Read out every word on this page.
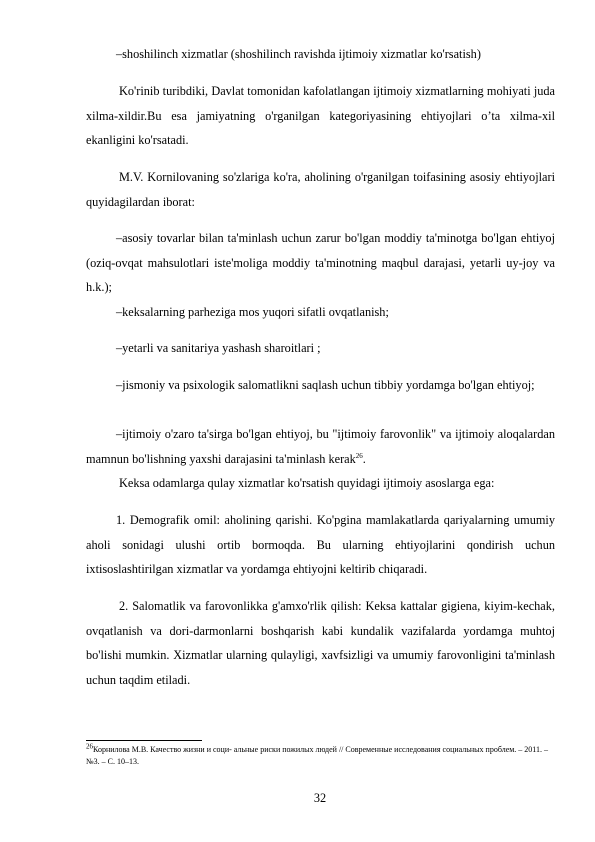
–shoshilinch xizmatlar (shoshilinch ravishda ijtimoiy xizmatlar ko'rsatish)

Ko'rinib turibdiki, Davlat tomonidan kafolatlangan ijtimoiy xizmatlarning mohiyati juda xilma-xildir.Bu esa jamiyatning o'rganilgan kategoriyasining ehtiyojlari o’ta xilma-xil ekanligini ko'rsatadi.

M.V. Kornilovaning so'zlariga ko'ra, aholining o'rganilgan toifasining asosiy ehtiyojlari quyidagilardan iborat:

–asosiy tovarlar bilan ta'minlash uchun zarur bo'lgan moddiy ta'minotga bo'lgan ehtiyoj (oziq-ovqat mahsulotlari iste'moliga moddiy ta'minotning maqbul darajasi, yetarli uy-joy va h.k.);

–keksalarning parheziga mos yuqori sifatli ovqatlanish;

–yetarli va sanitariya yashash sharoitlari ;

–jismoniy va psixologik salomatlikni saqlash uchun tibbiy yordamga bo'lgan ehtiyoj;

–ijtimoiy o'zaro ta'sirga bo'lgan ehtiyoj, bu "ijtimoiy farovonlik" va ijtimoiy aloqalardan mamnun bo'lishning yaxshi darajasini ta'minlash kerak$^{26}$.

Keksa odamlarga qulay xizmatlar ko'rsatish quyidagi ijtimoiy asoslarga ega:

1. Demografik omil: aholining qarishi. Ko'pgina mamlakatlarda qariyalarning umumiy aholi sonidagi ulushi ortib bormoqda. Bu ularning ehtiyojlarini qondirish uchun ixtisoslashtirilgan xizmatlar va yordamga ehtiyojni keltirib chiqaradi.

2. Salomatlik va farovonlikka g'amxo'rlik qilish: Keksa kattalar gigiena, kiyim-kechak, ovqatlanish va dori-darmonlarni boshqarish kabi kundalik vazifalarda yordamga muhtoj bo'lishi mumkin. Xizmatlar ularning qulayligi, xavfsizligi va umumiy farovonligini ta'minlash uchun taqdim etiladi.

$^{26}$Корнилова М.В. Качество жизни и соци- альные риски пожилых людей // Современные исследования социальных проблем. – 2011. –№3. – С. 10–13.

32
